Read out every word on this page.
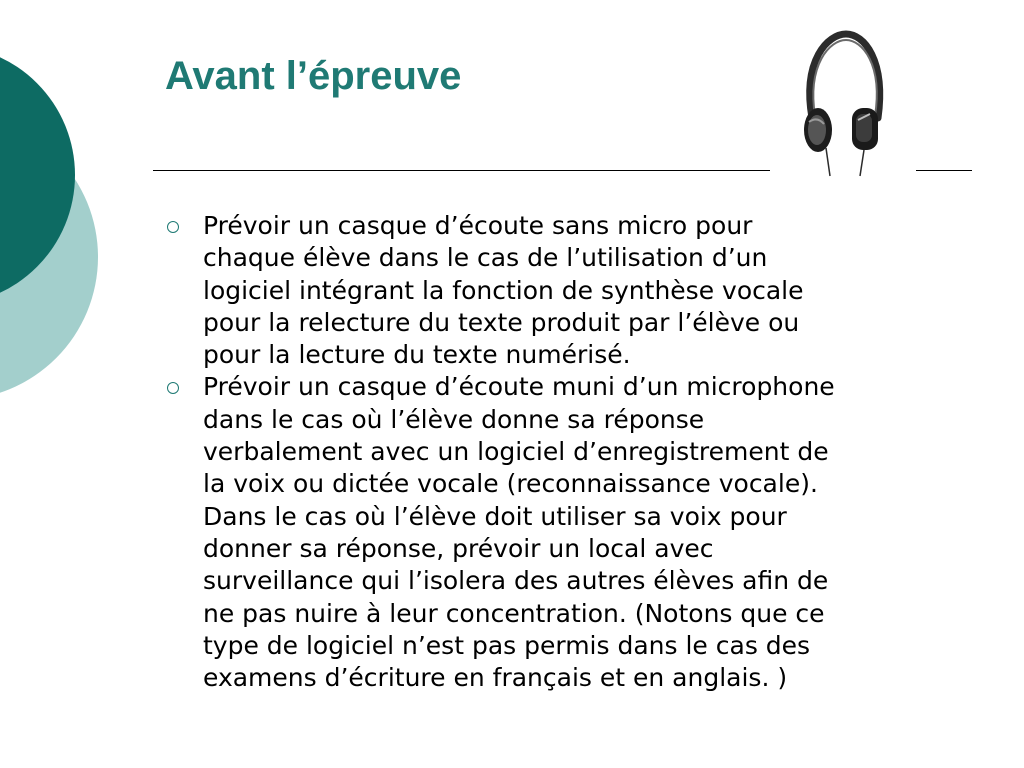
Avant l’épreuve
Prévoir un casque d’écoute sans micro pour
chaque élève dans le cas de l’utilisation d’un
logiciel intégrant la fonction de synthèse vocale
pour la relecture du texte produit par l’élève ou
pour la lecture du texte numérisé.
Prévoir un casque d’écoute muni d’un microphone
dans le cas où l’élève donne sa réponse
verbalement avec un logiciel d’enregistrement de
la voix ou dictée vocale (reconnaissance vocale).
Dans le cas où l’élève doit utiliser sa voix pour
donner sa réponse, prévoir un local avec
surveillance qui l’isolera des autres élèves afin de
ne pas nuire à leur concentration. (Notons que ce
type de logiciel n’est pas permis dans le cas des
examens d’écriture en français et en anglais. )
